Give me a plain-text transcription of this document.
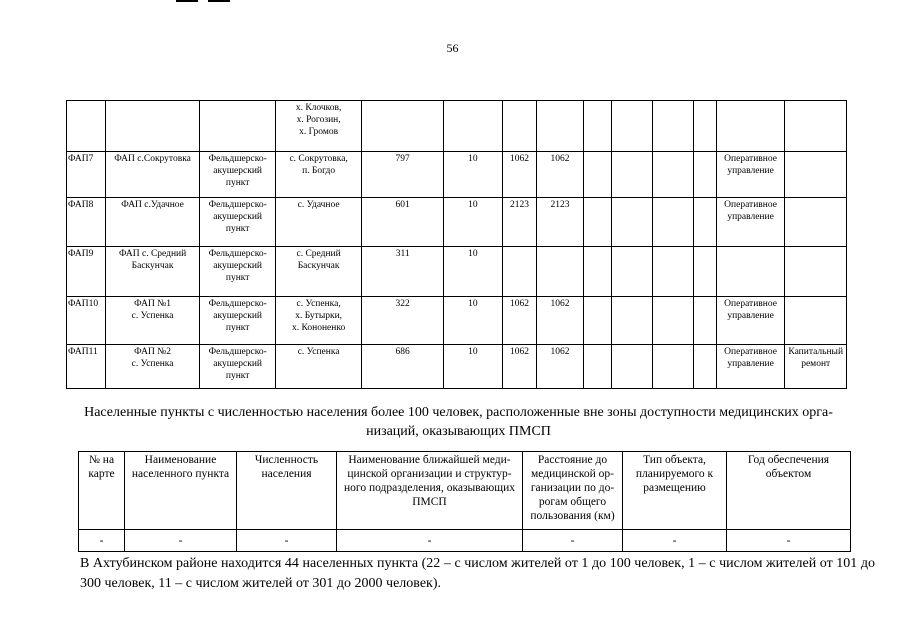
56
			х. Клочков,
х. Рогозин,
х. Громов										
ФАП7	ФАП с.Сокрутовка	Фельдшерско-
акушерский
пункт	с. Сокрутовка,
п. Богдо	797	10	1062	1062					Оперативное
управление	
ФАП8	ФАП с.Удачное	Фельдшерско-
акушерский
пункт	с. Удачное	601	10	2123	2123					Оперативное
управление	
ФАП9	ФАП с. Средний
Баскунчак	Фельдшерско-
акушерский
пункт	с. Средний
Баскунчак	311	10								
ФАП10	ФАП №1
с. Успенка	Фельдшерско-
акушерский
пункт	с. Успенка,
х. Бутырки,
х. Кононенко	322	10	1062	1062					Оперативное
управление	
ФАП11	ФАП №2
с. Успенка	Фельдшерско-
акушерский
пункт	с. Успенка	686	10	1062	1062					Оперативное
управление	Капитальный
ремонт
Населенные пункты с численностью населения более 100 человек, расположенные вне зоны доступности медицинских орга-низаций, оказывающих ПМСП
№ на
карте	Наименование
населенного пункта	Численность
населения	Наименование ближайшей меди-
цинской организации и структур-
ного подразделения, оказывающих
ПМСП	Расстояние до
медицинской ор-
ганизации по до-
рогам общего
пользования (км)	Тип объекта,
планируемого к
размещению	Год обеспечения
объектом
-	-	-	-	-	-	-
В Ахтубинском районе находится 44 населенных пункта (22 – с числом жителей от 1 до 100 человек, 1 – с числом жителей от 101 до 300 человек, 11 – с числом жителей от 301 до 2000 человек).
